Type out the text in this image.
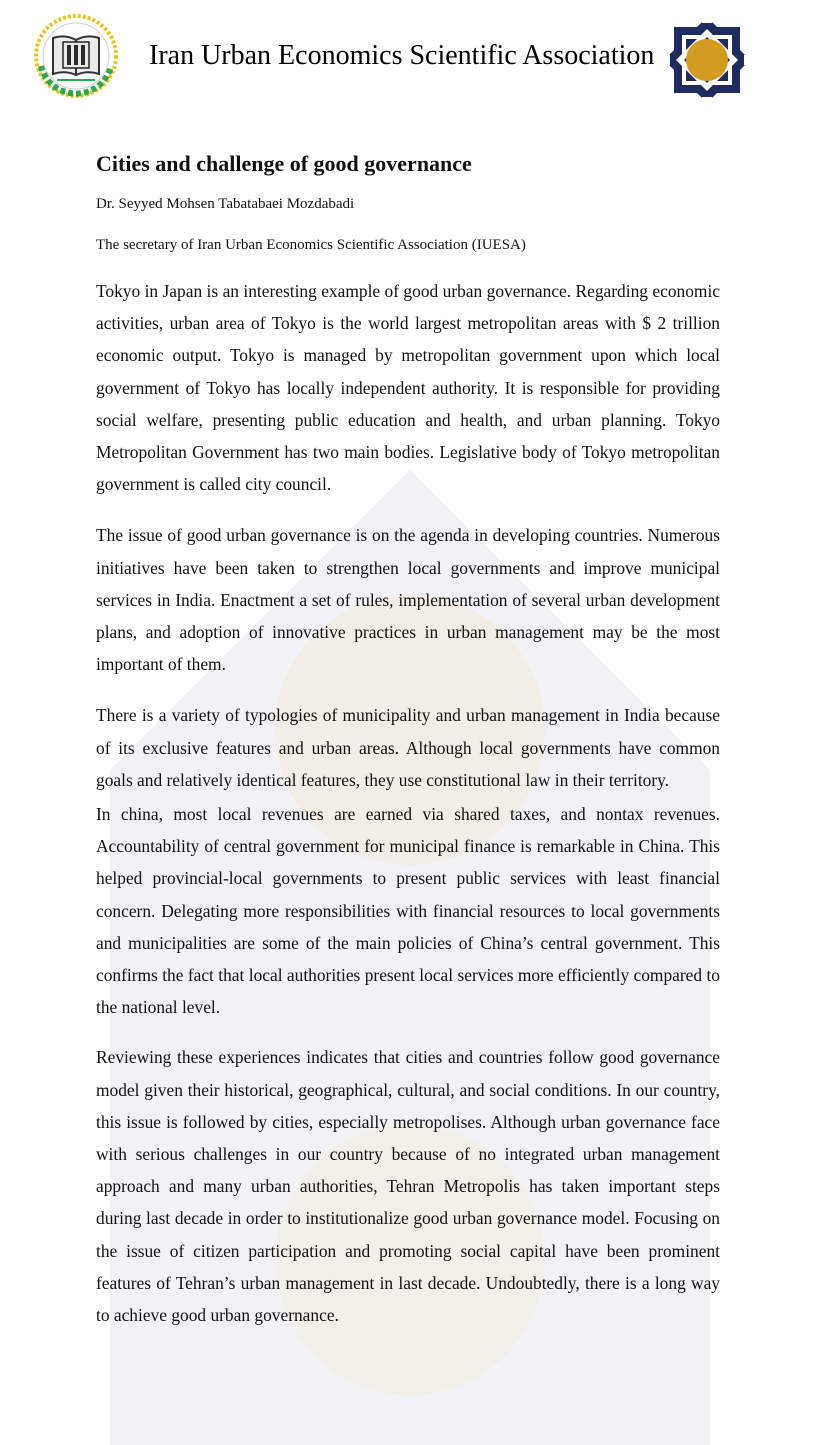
Iran Urban Economics Scientific Association
Cities and challenge of good governance

Dr. Seyyed Mohsen Tabatabaei Mozdabadi

The secretary of Iran Urban Economics Scientific Association (IUESA)

Tokyo in Japan is an interesting example of good urban governance. Regarding economic activities, urban area of Tokyo is the world largest metropolitan areas with $ 2 trillion economic output. Tokyo is managed by metropolitan government upon which local government of Tokyo has locally independent authority. It is responsible for providing social welfare, presenting public education and health, and urban planning. Tokyo Metropolitan Government has two main bodies. Legislative body of Tokyo metropolitan government is called city council.

The issue of good urban governance is on the agenda in developing countries. Numerous initiatives have been taken to strengthen local governments and improve municipal services in India. Enactment a set of rules, implementation of several urban development plans, and adoption of innovative practices in urban management may be the most important of them.

There is a variety of typologies of municipality and urban management in India because of its exclusive features and urban areas. Although local governments have common goals and relatively identical features, they use constitutional law in their territory.

In china, most local revenues are earned via shared taxes, and nontax revenues. Accountability of central government for municipal finance is remarkable in China. This helped provincial-local governments to present public services with least financial concern. Delegating more responsibilities with financial resources to local governments and municipalities are some of the main policies of China’s central government. This confirms the fact that local authorities present local services more efficiently compared to the national level.

Reviewing these experiences indicates that cities and countries follow good governance model given their historical, geographical, cultural, and social conditions. In our country, this issue is followed by cities, especially metropolises. Although urban governance face with serious challenges in our country because of no integrated urban management approach and many urban authorities, Tehran Metropolis has taken important steps during last decade in order to institutionalize good urban governance model. Focusing on the issue of citizen participation and promoting social capital have been prominent features of Tehran’s urban management in last decade. Undoubtedly, there is a long way to achieve good urban governance.
